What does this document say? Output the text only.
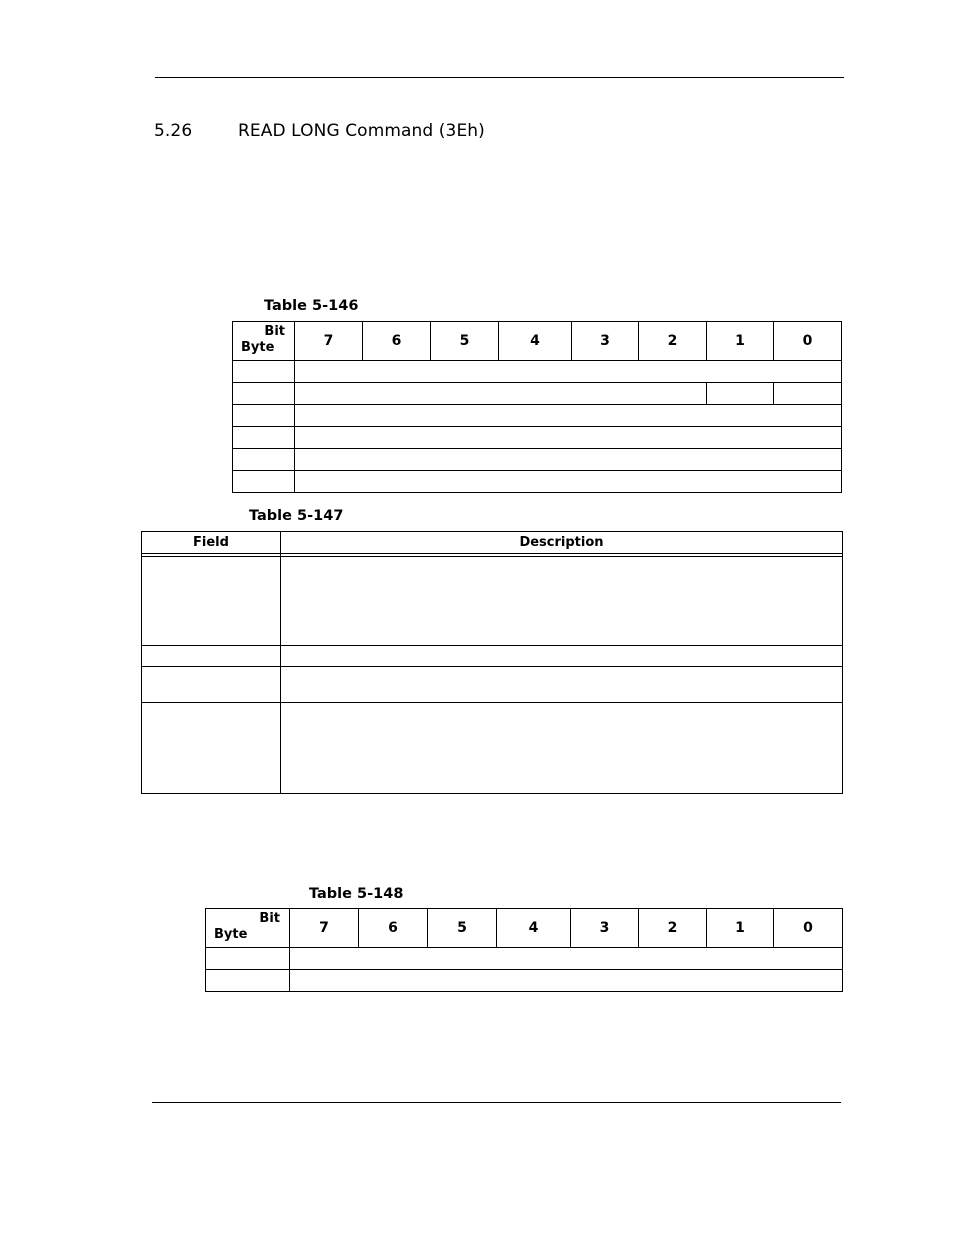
5.26	READ LONG Command (3Eh)
Table 5-146
Bit
Byte	7	6	5	4	3	2	1	0

Table 5-147
Field	Description

Table 5-148
Bit
Byte	7	6	5	4	3	2	1	0
